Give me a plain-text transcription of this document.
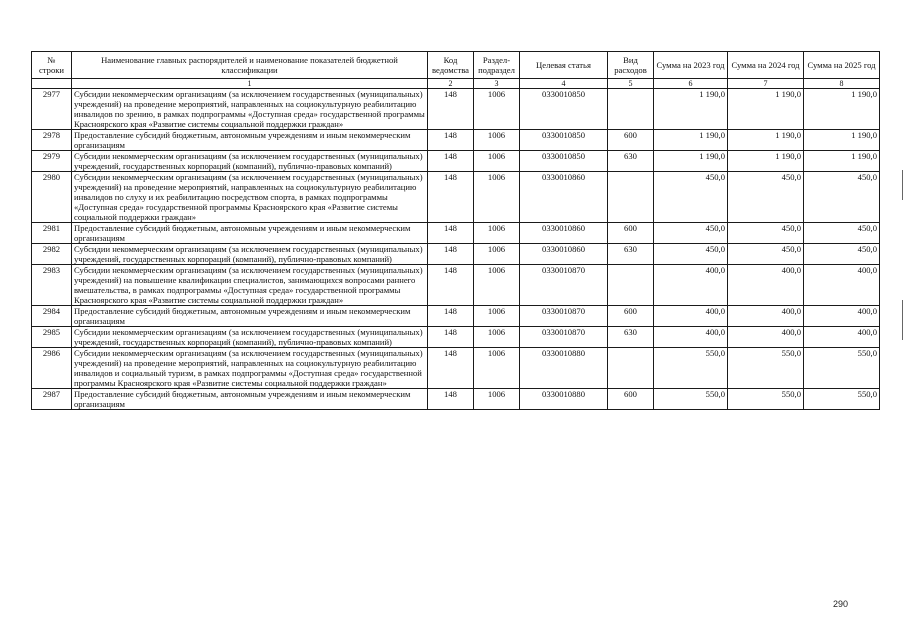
№ строки	Наименование главных распорядителей и наименование показателей бюджетной классификации	Код ведомства	Раздел-подраздел	Целевая статья	Вид расходов	Сумма на 2023 год	Сумма на 2024 год	Сумма на 2025 год
	1	2	3	4	5	6	7	8
2977	Субсидии некоммерческим организациям (за исключением государственных (муниципальных) учреждений) на проведение мероприятий, направленных на социокультурную реабилитацию инвалидов по зрению, в рамках подпрограммы «Доступная среда» государственной программы Красноярского края «Развитие системы социальной поддержки граждан»	148	1006	0330010850		1 190,0	1 190,0	1 190,0
2978	Предоставление субсидий бюджетным, автономным учреждениям и иным некоммерческим организациям	148	1006	0330010850	600	1 190,0	1 190,0	1 190,0
2979	Субсидии некоммерческим организациям (за исключением государственных (муниципальных) учреждений, государственных корпораций (компаний), публично-правовых компаний)	148	1006	0330010850	630	1 190,0	1 190,0	1 190,0
2980	Субсидии некоммерческим организациям (за исключением государственных (муниципальных) учреждений) на проведение мероприятий, направленных на социокультурную реабилитацию инвалидов по слуху и их реабилитацию посредством спорта, в рамках подпрограммы «Доступная среда» государственной программы Красноярского края «Развитие системы социальной поддержки граждан»	148	1006	0330010860		450,0	450,0	450,0
2981	Предоставление субсидий бюджетным, автономным учреждениям и иным некоммерческим организациям	148	1006	0330010860	600	450,0	450,0	450,0
2982	Субсидии некоммерческим организациям (за исключением государственных (муниципальных) учреждений, государственных корпораций (компаний), публично-правовых компаний)	148	1006	0330010860	630	450,0	450,0	450,0
2983	Субсидии некоммерческим организациям (за исключением государственных (муниципальных) учреждений) на повышение квалификации специалистов, занимающихся вопросами раннего вмешательства, в рамках подпрограммы «Доступная среда» государственной программы Красноярского края «Развитие системы социальной поддержки граждан»	148	1006	0330010870		400,0	400,0	400,0
2984	Предоставление субсидий бюджетным, автономным учреждениям и иным некоммерческим организациям	148	1006	0330010870	600	400,0	400,0	400,0
2985	Субсидии некоммерческим организациям (за исключением государственных (муниципальных) учреждений, государственных корпораций (компаний), публично-правовых компаний)	148	1006	0330010870	630	400,0	400,0	400,0
2986	Субсидии некоммерческим организациям (за исключением государственных (муниципальных) учреждений) на проведение мероприятий, направленных на социокультурную реабилитацию инвалидов и социальный туризм, в рамках подпрограммы «Доступная среда» государственной программы Красноярского края «Развитие системы социальной поддержки граждан»	148	1006	0330010880		550,0	550,0	550,0
2987	Предоставление субсидий бюджетным, автономным учреждениям и иным некоммерческим организациям	148	1006	0330010880	600	550,0	550,0	550,0
290
